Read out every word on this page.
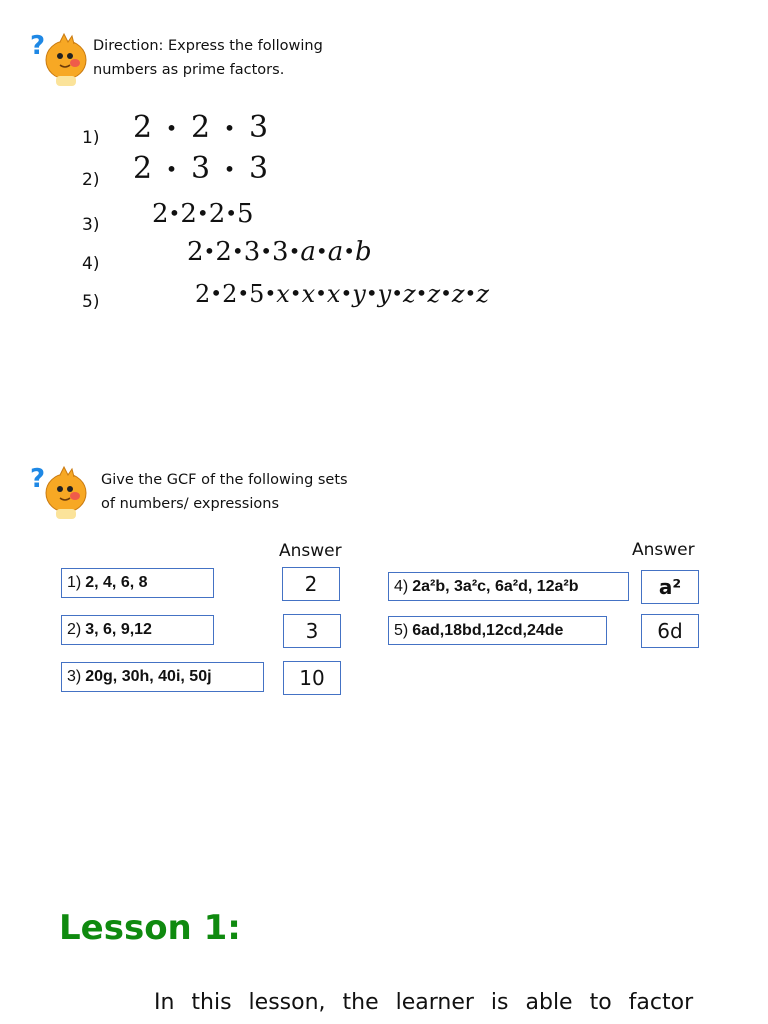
?	Direction: Express the following
numbers as prime factors.
1) 2 • 2 • 3
2) 2 • 3 • 3
3) 2•2•2•5
4)	2•2•3•3•a•a•b
5)	2•2•5•x•x•x•y•y•z•z•z•z
?	Give the GCF of the following sets
of numbers/ expressions
Answer	Answer
1) 2, 4, 6, 8	2
2) 3, 6, 9,12	3
3) 20g, 30h, 40i, 50j	10
4) 2a²b, 3a²c, 6a²d, 12a²b	a²
5) 6ad,18bd,12cd,24de	6d
Lesson 1:
In this lesson, the learner is able to factor
